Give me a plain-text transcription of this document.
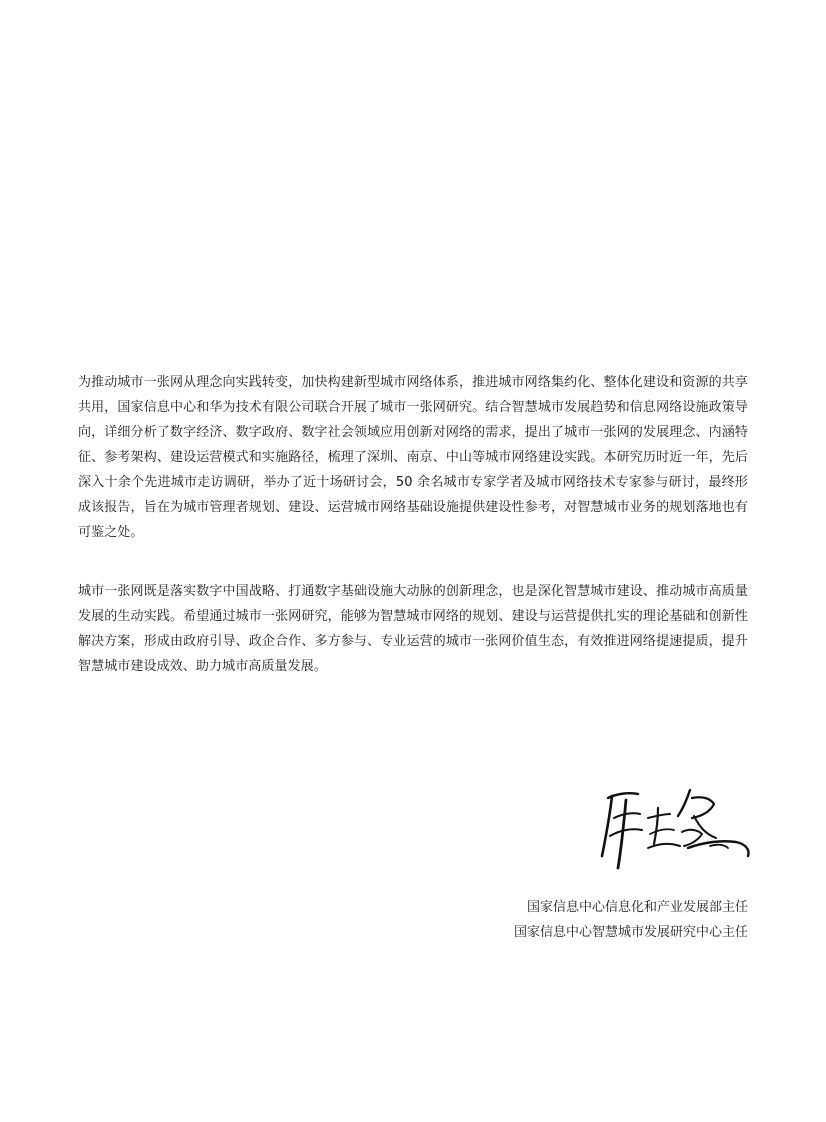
为推动城市一张网从理念向实践转变，加快构建新型城市网络体系，推进城市网络集约化、整体化建设和资源的共享共用，国家信息中心和华为技术有限公司联合开展了城市一张网研究。结合智慧城市发展趋势和信息网络设施政策导向，详细分析了数字经济、数字政府、数字社会领域应用创新对网络的需求，提出了城市一张网的发展理念、内涵特征、参考架构、建设运营模式和实施路径，梳理了深圳、南京、中山等城市网络建设实践。本研究历时近一年，先后深入十余个先进城市走访调研，举办了近十场研讨会，50 余名城市专家学者及城市网络技术专家参与研讨，最终形成该报告，旨在为城市管理者规划、建设、运营城市网络基础设施提供建设性参考，对智慧城市业务的规划落地也有可鉴之处。

城市一张网既是落实数字中国战略、打通数字基础设施大动脉的创新理念，也是深化智慧城市建设、推动城市高质量发展的生动实践。希望通过城市一张网研究，能够为智慧城市网络的规划、建设与运营提供扎实的理论基础和创新性解决方案，形成由政府引导、政企合作、多方参与、专业运营的城市一张网价值生态，有效推进网络提速提质，提升智慧城市建设成效、助力城市高质量发展。

国家信息中心信息化和产业发展部主任
国家信息中心智慧城市发展研究中心主任
